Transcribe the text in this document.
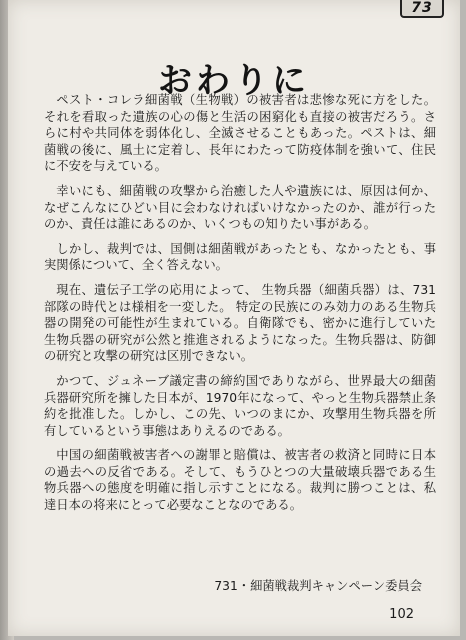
73
おわりに

ペスト・コレラ細菌戦（生物戦）の被害者は悲惨な死に方をした。それを看取った遺族の心の傷と生活の困窮化も直接の被害だろう。さらに村や共同体を弱体化し、全滅させることもあった。ペストは、細菌戦の後に、風土に定着し、長年にわたって防疫体制を強いて、住民に不安を与えている。

幸いにも、細菌戦の攻撃から治癒した人や遺族には、原因は何か、なぜこんなにひどい目に会わなければいけなかったのか、誰が行ったのか、責任は誰にあるのか、いくつもの知りたい事がある。

しかし、裁判では、国側は細菌戦があったとも、なかったとも、事実関係について、全く答えない。

現在、遺伝子工学の応用によって、 生物兵器（細菌兵器）は、731部隊の時代とは様相を一変した。 特定の民族にのみ効力のある生物兵器の開発の可能性が生まれている。自衛隊でも、密かに進行していた生物兵器の研究が公然と推進されるようになった。生物兵器は、防御の研究と攻撃の研究は区別できない。

かつて、ジュネーブ議定書の締約国でありながら、世界最大の細菌兵器研究所を擁した日本が、1970年になって、やっと生物兵器禁止条約を批准した。しかし、この先、いつのまにか、攻撃用生物兵器を所有しているという事態はありえるのである。

中国の細菌戦被害者への謝罪と賠償は、被害者の救済と同時に日本の過去への反省である。そして、もうひとつの大量破壊兵器である生物兵器への態度を明確に指し示すことになる。裁判に勝つことは、私達日本の将来にとって必要なことなのである。

731・細菌戦裁判キャンペーン委員会
102
